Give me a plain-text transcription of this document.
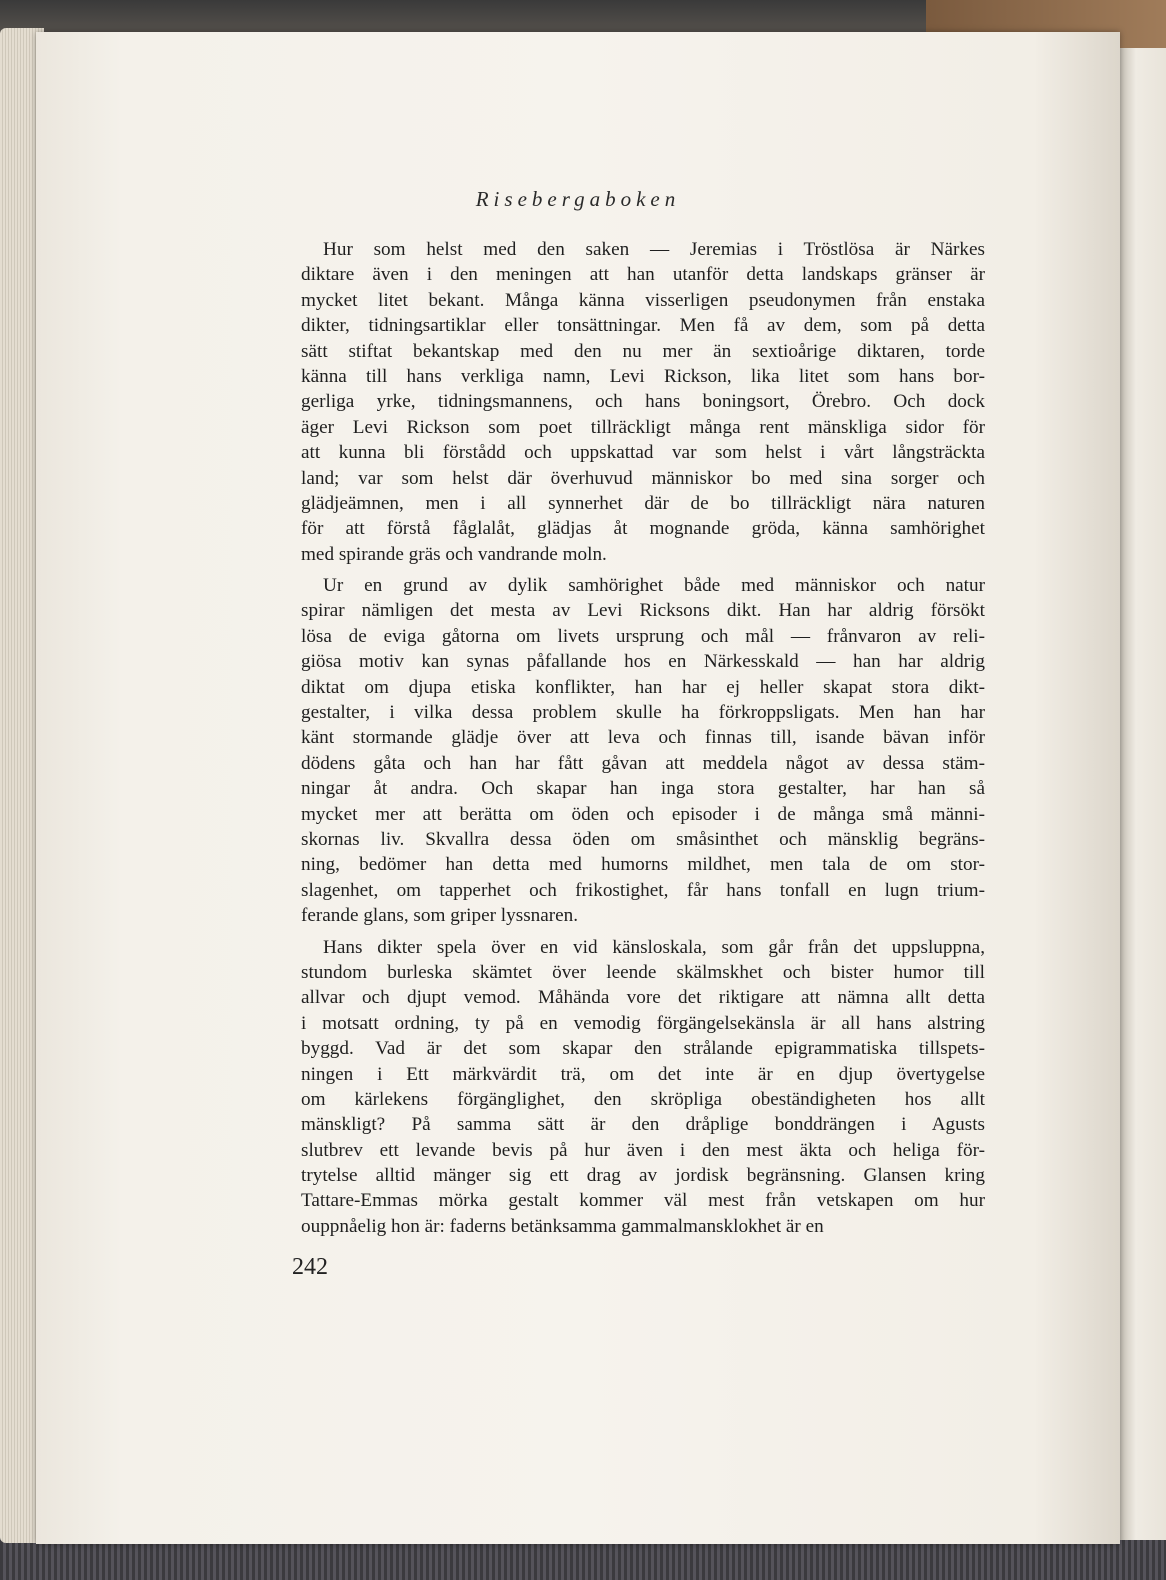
Risebergaboken
Hur som helst med den saken — Jeremias i Tröstlösa är Närkes
diktare även i den meningen att han utanför detta landskaps gränser är
mycket litet bekant. Många känna visserligen pseudonymen från enstaka
dikter, tidningsartiklar eller tonsättningar. Men få av dem, som på detta
sätt stiftat bekantskap med den nu mer än sextioårige diktaren, torde
känna till hans verkliga namn, Levi Rickson, lika litet som hans bor-
gerliga yrke, tidningsmannens, och hans boningsort, Örebro. Och dock
äger Levi Rickson som poet tillräckligt många rent mänskliga sidor för
att kunna bli förstådd och uppskattad var som helst i vårt långsträckta
land; var som helst där överhuvud människor bo med sina sorger och
glädjeämnen, men i all synnerhet där de bo tillräckligt nära naturen
för att förstå fåglalåt, glädjas åt mognande gröda, känna samhörighet
med spirande gräs och vandrande moln.
Ur en grund av dylik samhörighet både med människor och natur
spirar nämligen det mesta av Levi Ricksons dikt. Han har aldrig försökt
lösa de eviga gåtorna om livets ursprung och mål — frånvaron av reli-
giösa motiv kan synas påfallande hos en Närkesskald — han har aldrig
diktat om djupa etiska konflikter, han har ej heller skapat stora dikt-
gestalter, i vilka dessa problem skulle ha förkroppsligats. Men han har
känt stormande glädje över att leva och finnas till, isande bävan inför
dödens gåta och han har fått gåvan att meddela något av dessa stäm-
ningar åt andra. Och skapar han inga stora gestalter, har han så
mycket mer att berätta om öden och episoder i de många små männi-
skornas liv. Skvallra dessa öden om småsinthet och mänsklig begräns-
ning, bedömer han detta med humorns mildhet, men tala de om stor-
slagenhet, om tapperhet och frikostighet, får hans tonfall en lugn trium-
ferande glans, som griper lyssnaren.
Hans dikter spela över en vid känsloskala, som går från det uppsluppna,
stundom burleska skämtet över leende skälmskhet och bister humor till
allvar och djupt vemod. Måhända vore det riktigare att nämna allt detta
i motsatt ordning, ty på en vemodig förgängelsekänsla är all hans alstring
byggd. Vad är det som skapar den strålande epigrammatiska tillspets-
ningen i Ett märkvärdit trä, om det inte är en djup övertygelse
om kärlekens förgänglighet, den skröpliga obeständigheten hos allt
mänskligt? På samma sätt är den dråplige bonddrängen i Agusts
slutbrev ett levande bevis på hur även i den mest äkta och heliga för-
trytelse alltid mänger sig ett drag av jordisk begränsning. Glansen kring
Tattare-Emmas mörka gestalt kommer väl mest från vetskapen om hur
ouppnåelig hon är: faderns betänksamma gammalmansklokhet är en
242
